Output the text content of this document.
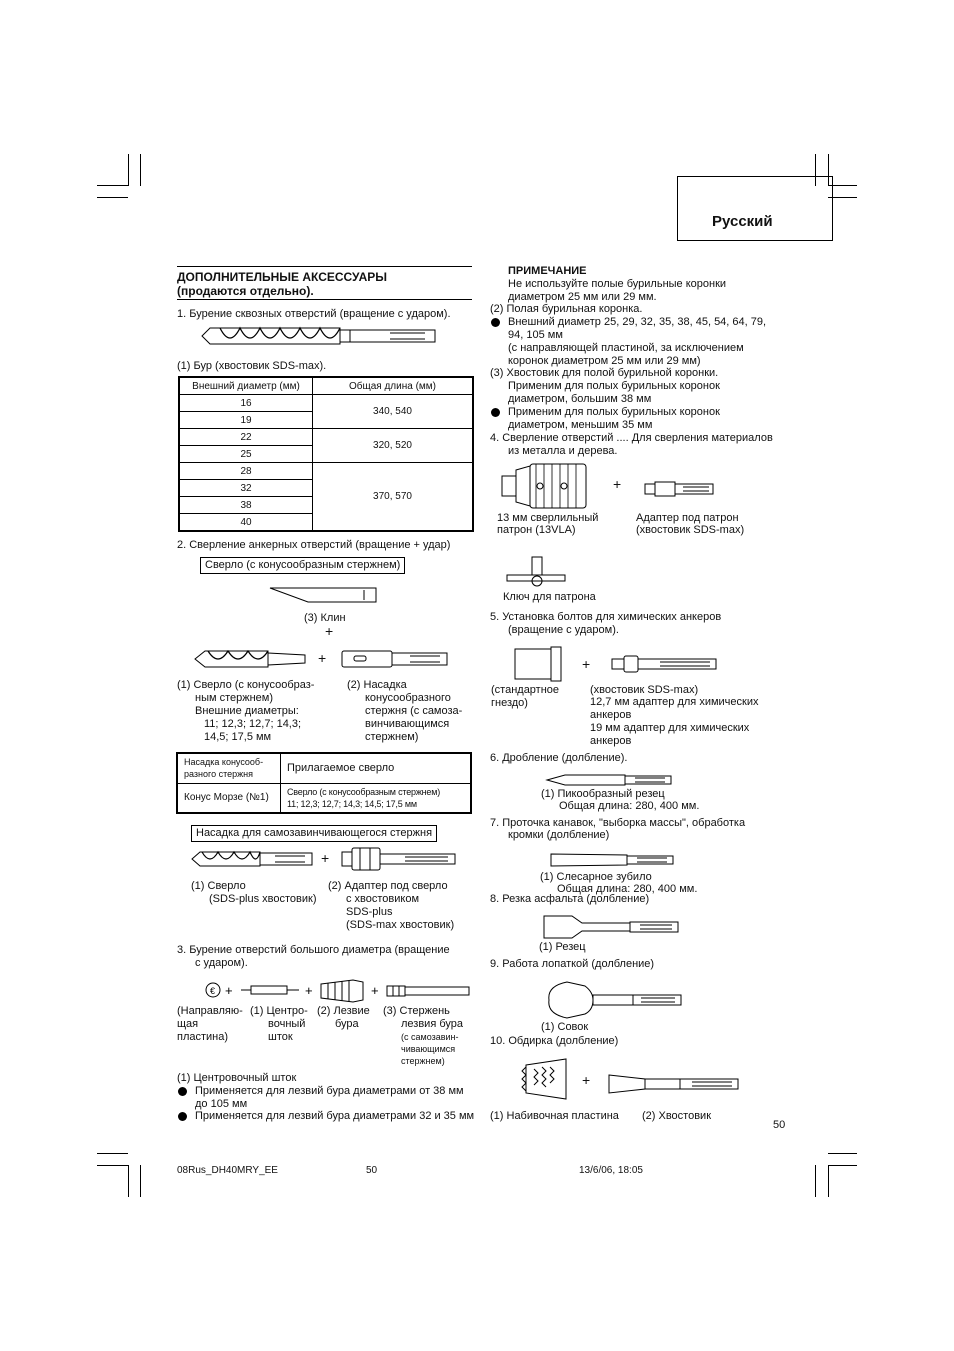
Русский
ДОПОЛНИТЕЛЬНЫЕ АКСЕССУАРЫ
(продаются отдельно).
1. Бурение сквозных отверстий (вращение с ударом).
(1) Бур (хвостовик SDS-max).
Внешний диаметр (мм)	Общая длина (мм)
16	340, 540
19	
22	320, 520
25	
28	370, 570
32	
38	
40	
2. Сверление анкерных отверстий (вращение + удар)
Сверло (с конусообразным стержнем)
(3) Клин
+
+
(1) Сверло (с конусообраз-
ным стержнем)
Внешние диаметры:
11; 12,3; 12,7; 14,3;
14,5; 17,5 мм
(2) Насадка
конусообразного
стержня (с самоза-
винчивающимся
стержнем)
Насадка конусооб-
разного стержня	Прилагаемое сверло
Конус Морзе (№1)	Сверло (с конусообразным стержнем)
11; 12,3; 12,7; 14,3; 14,5; 17,5 мм
Насадка для самозавинчивающегося стержня
+
(1) Сверло
(SDS-plus хвостовик)
(2) Адаптер под сверло
с хвостовиком
SDS-plus
(SDS-max хвостовик)
3. Бурение отверстий большого диаметра (вращение
с ударом).
€ +	+	+
(Направляю-
щая
пластина)
(1) Центро-
вочный
шток
(2) Лезвие
бура
(3) Стержень
лезвия бура
(с самозавин-
чивающимся
стержнем)
(1) Центровочный шток
Применяется для лезвий бура диаметрами от 38 мм
до 105 мм
Применяется для лезвий бура диаметрами 32 и 35 мм
ПРИМЕЧАНИЕ
Не используйте полые бурильные коронки
диаметром 25 мм или 29 мм.
(2) Полая бурильная коронка.
Внешний диаметр 25, 29, 32, 35, 38, 45, 54, 64, 79,
94, 105 мм
(с направляющей пластиной, за исключением
коронок диаметром 25 мм или 29 мм)
(3) Хвостовик для полой бурильной коронки.
Применим для полых бурильных коронок
диаметром, большим 38 мм
Применим для полых бурильных коронок
диаметром, меньшим 35 мм
4. Сверление отверстий .... Для сверления материалов
из металла и дерева.
+
13 мм сверлильный
патрон (13VLA)
Адаптер под патрон
(хвостовик SDS-max)
Ключ для патрона
5. Установка болтов для химических анкеров
(вращение с ударом).
+
(стандартное
гнездо)
(хвостовик SDS-max)
12,7 мм адаптер для химических
анкеров
19 мм адаптер для химических
анкеров
6. Дробление (долбление).
(1) Пикообразный резец
Общая длина: 280, 400 мм.
7. Проточка канавок, "выборка массы", обработка
кромки (долбление)
(1) Слесарное зубило
Общая длина: 280, 400 мм.
8. Резка асфальта (долбление)
(1) Резец
9. Работа лопаткой (долбление)
(1) Совок
10. Обдирка (долбление)
+
(1) Набивочная пластина (2) Хвостовик
50
08Rus_DH40MRY_EE	50	13/6/06, 18:05
